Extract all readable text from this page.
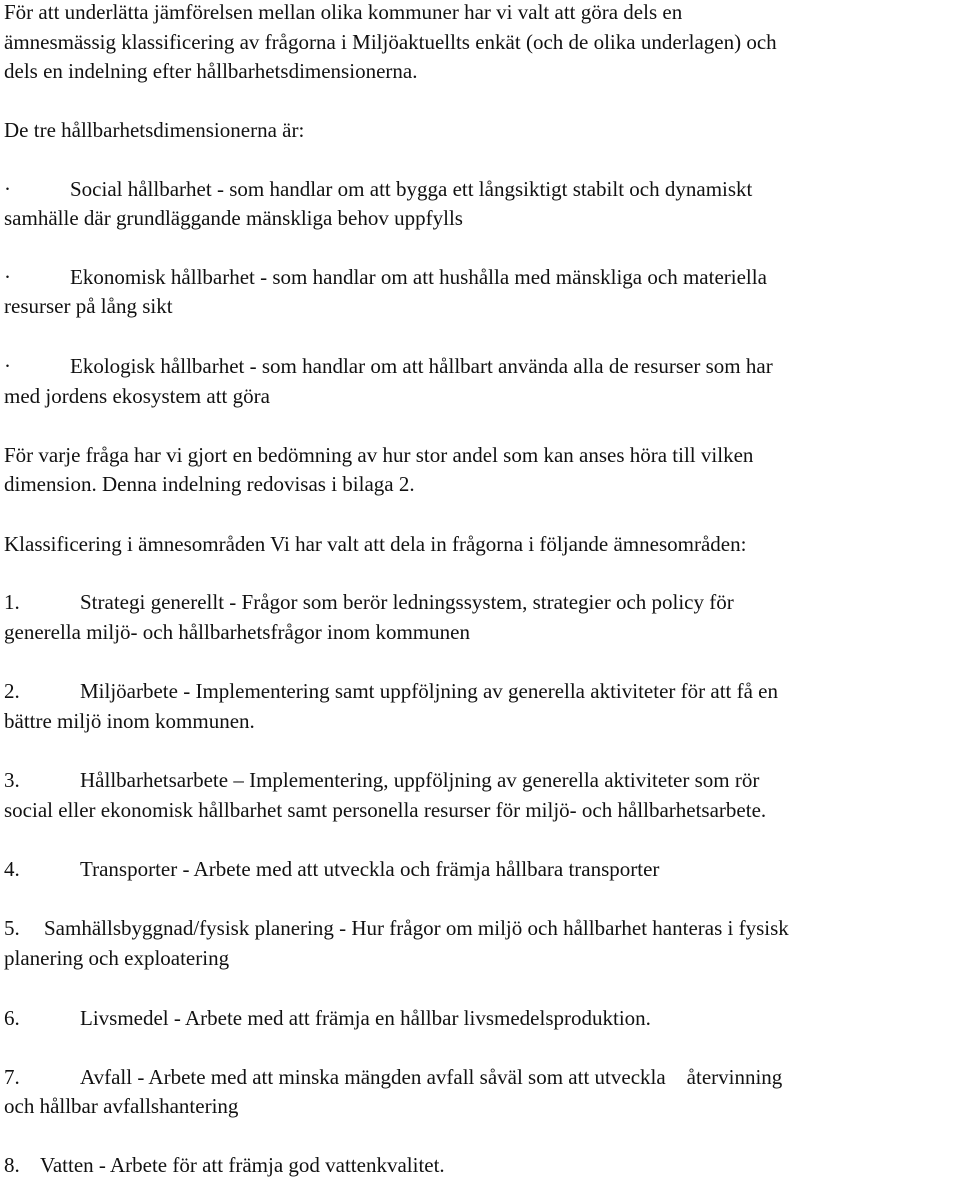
För att underlätta jämförelsen mellan olika kommuner har vi valt att göra dels en
ämnesmässig klassificering av frågorna i Miljöaktuellts enkät (och de olika underlagen) och
dels en indelning efter hållbarhetsdimensionerna.
De tre hållbarhetsdimensionerna är:
·	Social hållbarhet - som handlar om att bygga ett långsiktigt stabilt och dynamiskt
samhälle där grundläggande mänskliga behov uppfylls
·	Ekonomisk hållbarhet - som handlar om att hushålla med mänskliga och materiella
resurser på lång sikt
·	Ekologisk hållbarhet - som handlar om att hållbart använda alla de resurser som har
med jordens ekosystem att göra
För varje fråga har vi gjort en bedömning av hur stor andel som kan anses höra till vilken
dimension. Denna indelning redovisas i bilaga 2.
Klassificering i ämnesområden Vi har valt att dela in frågorna i följande ämnesområden:
1.	Strategi generellt - Frågor som berör ledningssystem, strategier och policy för
generella miljö- och hållbarhetsfrågor inom kommunen
2.	Miljöarbete - Implementering samt uppföljning av generella aktiviteter för att få en
bättre miljö inom kommunen.
3.	Hållbarhetsarbete – Implementering, uppföljning av generella aktiviteter som rör
social eller ekonomisk hållbarhet samt personella resurser för miljö- och hållbarhetsarbete.
4.	Transporter - Arbete med att utveckla och främja hållbara transporter
5. Samhällsbyggnad/fysisk planering - Hur frågor om miljö och hållbarhet hanteras i fysisk
planering och exploatering
6.	Livsmedel - Arbete med att främja en hållbar livsmedelsproduktion.
7.	Avfall - Arbete med att minska mängden avfall såväl som att utveckla    återvinning
och hållbar avfallshantering
8. Vatten - Arbete för att främja god vattenkvalitet.
